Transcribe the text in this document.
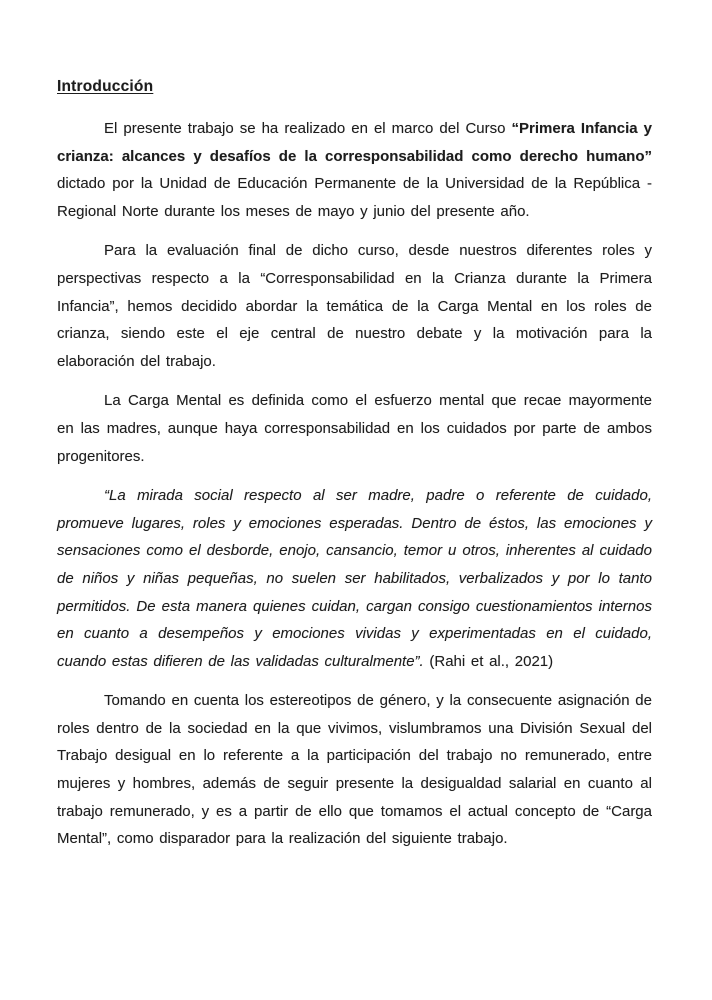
Introducción

El presente trabajo se ha realizado en el marco del Curso “Primera Infancia y crianza: alcances y desafíos de la corresponsabilidad como derecho humano” dictado por la Unidad de Educación Permanente de la Universidad de la República - Regional Norte durante los meses de mayo y junio del presente año.

Para la evaluación final de dicho curso, desde nuestros diferentes roles y perspectivas respecto a la “Corresponsabilidad en la Crianza durante la Primera Infancia”, hemos decidido abordar la temática de la Carga Mental en los roles de crianza, siendo este el eje central de nuestro debate y la motivación para la elaboración del trabajo.

La Carga Mental es definida como el esfuerzo mental que recae mayormente en las madres, aunque haya corresponsabilidad en los cuidados por parte de ambos progenitores.

“La mirada social respecto al ser madre, padre o referente de cuidado, promueve lugares, roles y emociones esperadas. Dentro de éstos, las emociones y sensaciones como el desborde, enojo, cansancio, temor u otros, inherentes al cuidado de niños y niñas pequeñas, no suelen ser habilitados, verbalizados y por lo tanto permitidos. De esta manera quienes cuidan, cargan consigo cuestionamientos internos en cuanto a desempeños y emociones vividas y experimentadas en el cuidado, cuando estas difieren de las validadas culturalmente”. (Rahi et al., 2021)

Tomando en cuenta los estereotipos de género, y la consecuente asignación de roles dentro de la sociedad en la que vivimos, vislumbramos una División Sexual del Trabajo desigual en lo referente a la participación del trabajo no remunerado, entre mujeres y hombres, además de seguir presente la desigualdad salarial en cuanto al trabajo remunerado, y es a partir de ello que tomamos el actual concepto de “Carga Mental”, como disparador para la realización del siguiente trabajo.
